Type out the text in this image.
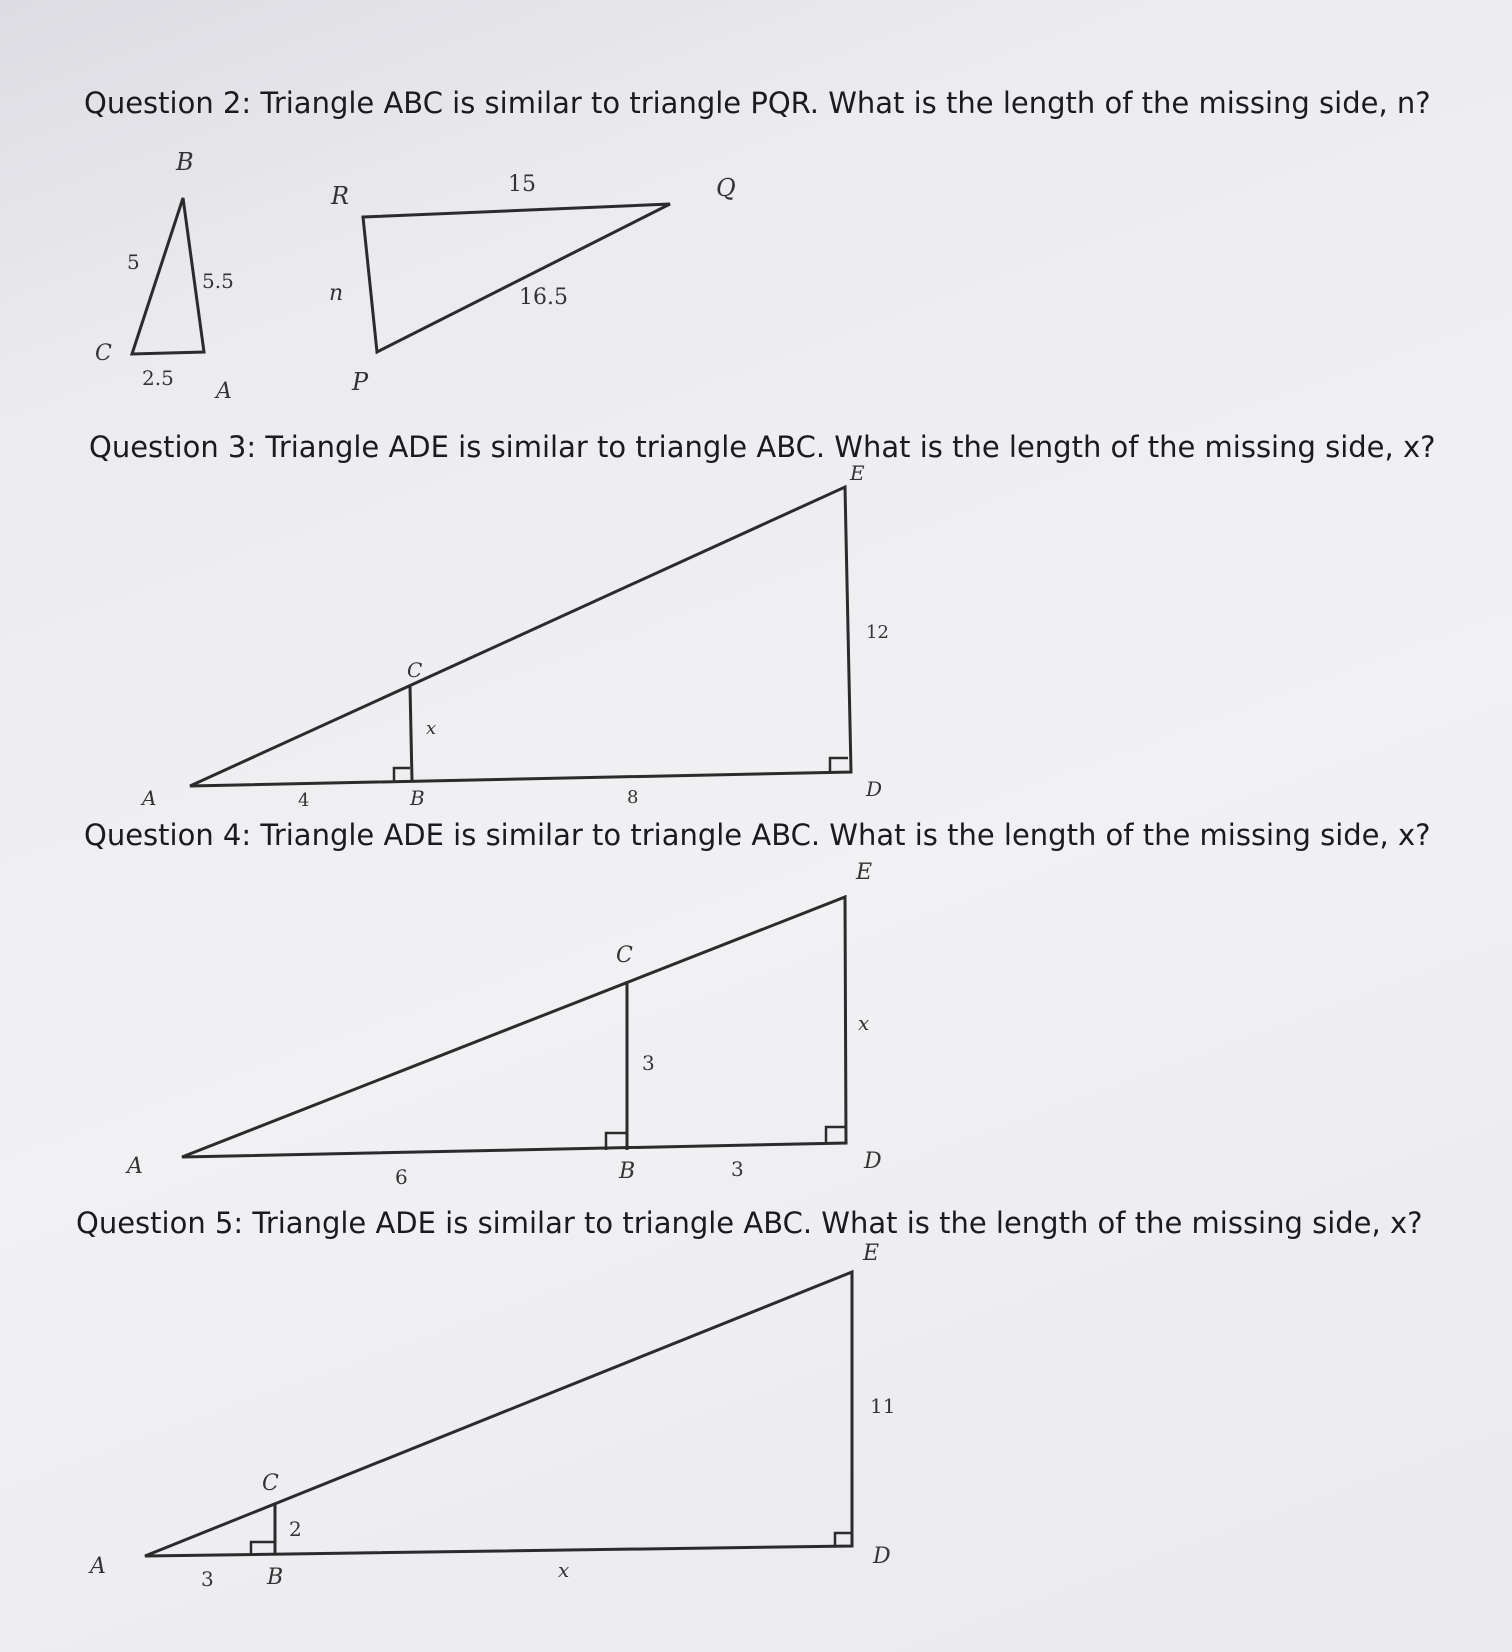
Question 2: Triangle ABC is similar to triangle PQR. What is the length of the missing side, n?
B
C
A
5
5.5
2.5
R	Q
P
15
16.5
n
Question 3: Triangle ADE is similar to triangle ABC. What is the length of the missing side, x?
E
C
A	B	D
4	8
x
12
Question 4: Triangle ADE is similar to triangle ABC. What is the length of the missing side, x?
E
C
A	B	D
6	3
3
x
Question 5: Triangle ADE is similar to triangle ABC. What is the length of the missing side, x?
E
C
A	B
D
3
2
x
11
